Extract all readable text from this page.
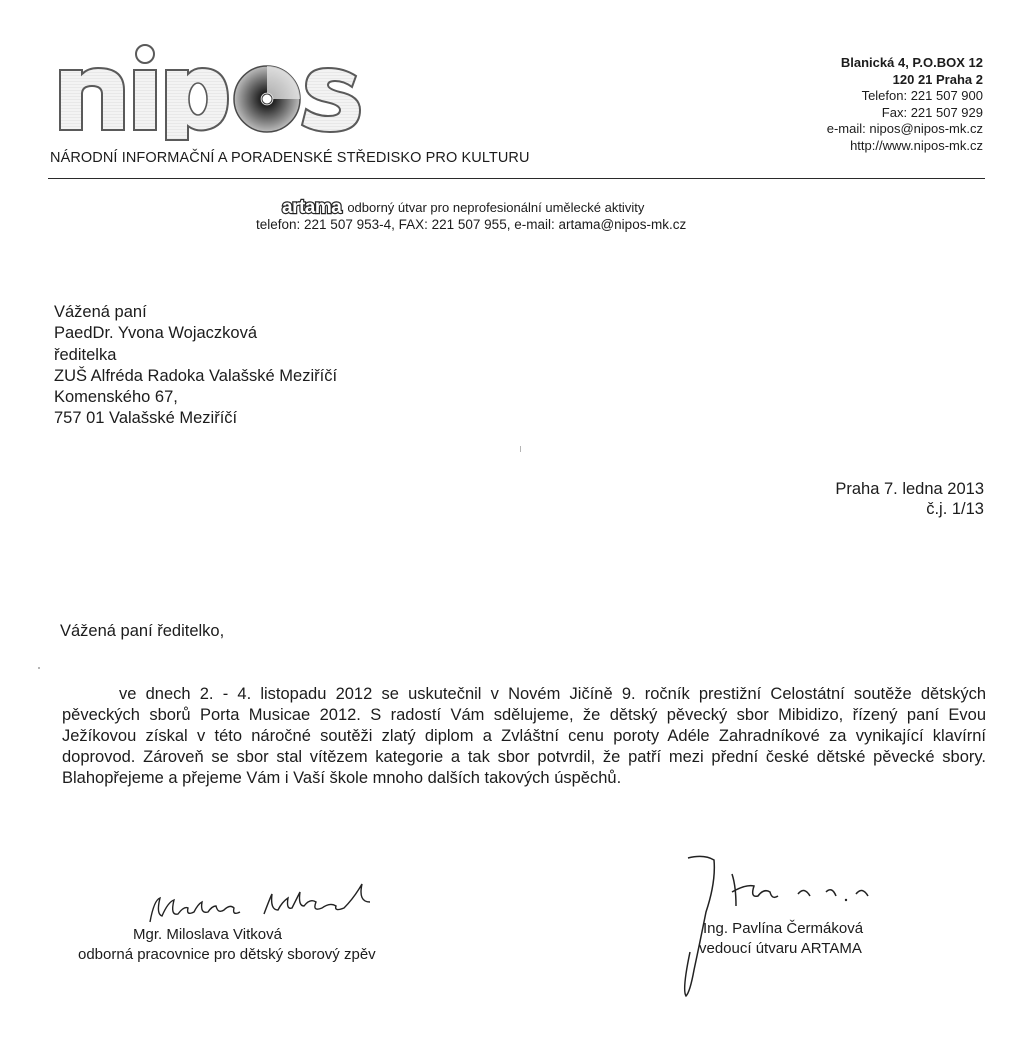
NÁRODNÍ INFORMAČNÍ A PORADENSKÉ STŘEDISKO PRO KULTURU
Blanická 4, P.O.BOX 12
120 21 Praha 2
Telefon: 221 507 900
Fax: 221 507 929
e-mail: nipos@nipos-mk.cz
http://www.nipos-mk.cz
artama odborný útvar pro neprofesionální umělecké aktivity
telefon: 221 507 953-4, FAX: 221 507 955, e-mail: artama@nipos-mk.cz
Vážená paní
PaedDr. Yvona Wojaczková
ředitelka
ZUŠ Alfréda Radoka Valašské Meziříčí
Komenského 67,
757 01 Valašské Meziříčí
Praha 7. ledna 2013
č.j. 1/13
Vážená paní ředitelko,
ve dnech 2. - 4. listopadu 2012 se uskutečnil v Novém Jičíně 9. ročník prestižní Celostátní soutěže dětských pěveckých sborů Porta Musicae 2012. S radostí Vám sdělujeme, že dětský pěvecký sbor Mibidizo, řízený paní Evou Ježíkovou získal v této náročné soutěži zlatý diplom a Zvláštní cenu poroty Adéle Zahradníkové za vynikající klavírní doprovod. Zároveň se sbor stal vítězem kategorie a tak sbor potvrdil, že patří mezi přední české dětské pěvecké sbory. Blahopřejeme a přejeme Vám i Vaší škole mnoho dalších takových úspěchů.
Mgr. Miloslava Vitková
odborná pracovnice pro dětský sborový zpěv
Ing. Pavlína Čermáková
vedoucí útvaru ARTAMA
